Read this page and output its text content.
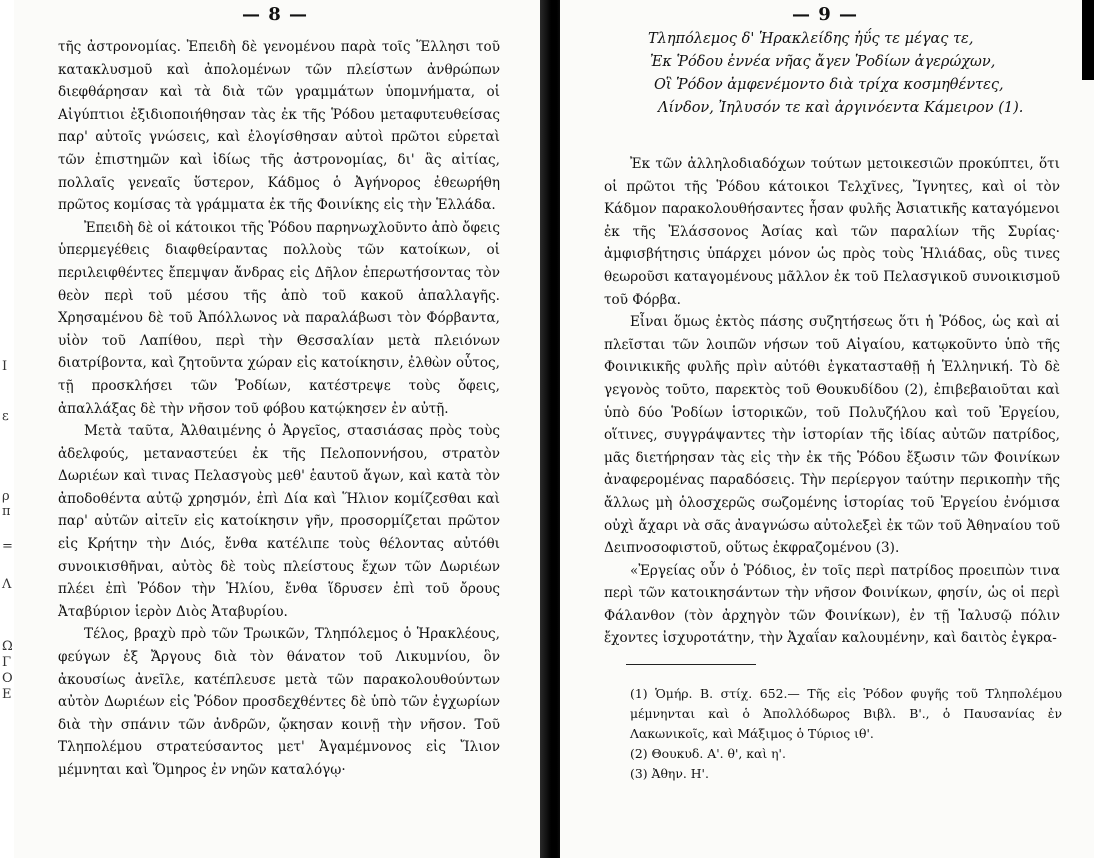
I
ε
ρ
π
=
Λ
Ω
Γ
Ο
Ε
— 8 —

τῆς ἀστρονομίας. Ἐπειδὴ δὲ γενομένου παρὰ τοῖς Ἕλλησι τοῦ κατακλυσμοῦ καὶ ἀπολομένων τῶν πλείστων ἀνθρώπων διεφθάρησαν καὶ τὰ διὰ τῶν γραμμάτων ὑπομνήματα, οἱ Αἰγύπτιοι ἐξιδιοποιήθησαν τὰς ἐκ τῆς Ῥόδου μεταφυτευθείσας παρ' αὐτοῖς γνώσεις, καὶ ἐλογίσθησαν αὐτοὶ πρῶτοι εὑρεταὶ τῶν ἐπιστημῶν καὶ ἰδίως τῆς ἀστρονομίας, δι' ἃς αἰτίας, πολλαῖς γενεαῖς ὕστερον, Κάδμος ὁ Ἀγήνορος ἐθεωρήθη πρῶτος κομίσας τὰ γράμματα ἐκ τῆς Φοινίκης εἰς τὴν Ἑλλάδα.

Ἐπειδὴ δὲ οἱ κάτοικοι τῆς Ῥόδου παρηνωχλοῦντο ἀπὸ ὄφεις ὑπερμεγέθεις διαφθείραντας πολλοὺς τῶν κατοίκων, οἱ περιλειφθέντες ἔπεμψαν ἄνδρας εἰς Δῆλον ἐπερωτήσοντας τὸν θεὸν περὶ τοῦ μέσου τῆς ἀπὸ τοῦ κακοῦ ἀπαλλαγῆς. Χρησαμένου δὲ τοῦ Ἀπόλλωνος νὰ παραλάβωσι τὸν Φόρβαντα, υἱὸν τοῦ Λαπίθου, περὶ τὴν Θεσσαλίαν μετὰ πλειόνων διατρίβοντα, καὶ ζητοῦντα χώραν εἰς κατοίκησιν, ἐλθὼν οὗτος, τῇ προσκλήσει τῶν Ῥοδίων, κατέστρεψε τοὺς ὄφεις, ἀπαλλάξας δὲ τὴν νῆσον τοῦ φόβου κατῴκησεν ἐν αὐτῇ.

Μετὰ ταῦτα, Ἀλθαιμένης ὁ Ἀργεῖος, στασιάσας πρὸς τοὺς ἀδελφούς, μεταναστεύει ἐκ τῆς Πελοποννήσου, στρατὸν Δωριέων καὶ τινας Πελασγοὺς μεθ' ἑαυτοῦ ἄγων, καὶ κατὰ τὸν ἀποδοθέντα αὐτῷ χρησμόν, ἐπὶ Δία καὶ Ἥλιον κομίζεσθαι καὶ παρ' αὐτῶν αἰτεῖν εἰς κατοίκησιν γῆν, προσορμίζεται πρῶτον εἰς Κρήτην τὴν Διός, ἔνθα κατέλιπε τοὺς θέλοντας αὐτόθι συνοικισθῆναι, αὐτὸς δὲ τοὺς πλείστους ἔχων τῶν Δωριέων πλέει ἐπὶ Ῥόδον τὴν Ἡλίου, ἔνθα ἵδρυσεν ἐπὶ τοῦ ὄρους Ἀταβύριον ἱερὸν Διὸς Ἀταβυρίου.

Τέλος, βραχὺ πρὸ τῶν Τρωικῶν, Τληπόλεμος ὁ Ἡρακλέους, φεύγων ἐξ Ἄργους διὰ τὸν θάνατον τοῦ Λικυμνίου, ὃν ἀκουσίως ἀνεῖλε, κατέπλευσε μετὰ τῶν παρακολουθούντων αὐτὸν Δωριέων εἰς Ῥόδον προσδεχθέντες δὲ ὑπὸ τῶν ἐγχωρίων διὰ τὴν σπάνιν τῶν ἀνδρῶν, ᾤκησαν κοινῇ τὴν νῆσον. Τοῦ Τληπολέμου στρατεύσαντος μετ' Ἀγαμέμνονος εἰς Ἴλιον μέμνηται καὶ Ὅμηρος ἐν νηῶν καταλόγῳ·

— 9 —
Τληπόλεμος δ' Ἡρακλείδης ἠΰς τε μέγας τε,
Ἐκ Ῥόδου ἐννέα νῆας ἄγεν Ῥοδίων ἀγερώχων,
Οἳ Ῥόδον ἀμφενέμοντο διὰ τρίχα κοσμηθέντες,
Λίνδον, Ἰηλυσόν τε καὶ ἀργινόεντα Κάμειρον (1).

Ἐκ τῶν ἀλληλοδιαδόχων τούτων μετοικεσιῶν προκύπτει, ὅτι οἱ πρῶτοι τῆς Ῥόδου κάτοικοι Τελχῖνες, Ἴγνητες, καὶ οἱ τὸν Κάδμον παρακολουθήσαντες ἦσαν φυλῆς Ἀσιατικῆς καταγόμενοι ἐκ τῆς Ἐλάσσονος Ἀσίας καὶ τῶν παραλίων τῆς Συρίας· ἀμφισβήτησις ὑπάρχει μόνον ὡς πρὸς τοὺς Ἡλιάδας, οὓς τινες θεωροῦσι καταγομένους μᾶλλον ἐκ τοῦ Πελασγικοῦ συνοικισμοῦ τοῦ Φόρβα.

Εἶναι ὅμως ἐκτὸς πάσης συζητήσεως ὅτι ἡ Ῥόδος, ὡς καὶ αἱ πλεῖσται τῶν λοιπῶν νήσων τοῦ Αἰγαίου, κατῳκοῦντο ὑπὸ τῆς Φοινικικῆς φυλῆς πρὶν αὐτόθι ἐγκατασταθῇ ἡ Ἑλληνική. Τὸ δὲ γεγονὸς τοῦτο, παρεκτὸς τοῦ Θουκυδίδου (2), ἐπιβεβαιοῦται καὶ ὑπὸ δύο Ῥοδίων ἱστορικῶν, τοῦ Πολυζήλου καὶ τοῦ Ἐργείου, οἵτινες, συγγράψαντες τὴν ἱστορίαν τῆς ἰδίας αὐτῶν πατρίδος, μᾶς διετήρησαν τὰς εἰς τὴν ἐκ τῆς Ῥόδου ἔξωσιν τῶν Φοινίκων ἀναφερομένας παραδόσεις. Τὴν περίεργον ταύτην περικοπὴν τῆς ἄλλως μὴ ὁλοσχερῶς σωζομένης ἱστορίας τοῦ Ἐργείου ἐνόμισα οὐχὶ ἄχαρι νὰ σᾶς ἀναγνώσω αὐτολεξεὶ ἐκ τῶν τοῦ Ἀθηναίου τοῦ Δειπνοσοφιστοῦ, οὕτως ἐκφραζομένου (3).

«Ἐργείας οὖν ὁ Ῥόδιος, ἐν τοῖς περὶ πατρίδος προειπὼν τινα περὶ τῶν κατοικησάντων τὴν νῆσον Φοινίκων, φησίν, ὡς οἱ περὶ Φάλανθον (τὸν ἀρχηγὸν τῶν Φοινίκων), ἐν τῇ Ἰαλυσῷ πόλιν ἔχοντες ἰσχυροτάτην, τὴν Ἀχαΐαν καλουμένην, καὶ δαιτὸς ἐγκρα-

(1) Ὁμήρ. Β. στίχ. 652.— Τῆς εἰς Ῥόδον φυγῆς τοῦ Τληπολέμου μέμνηνται καὶ ὁ Ἀπολλόδωρος Βιβλ. Β'., ὁ Παυσανίας ἐν Λακωνικοῖς, καὶ Μάξιμος ὁ Τύριος ιθ'.

(2) Θουκυδ. Α'. θ', καὶ η'.

(3) Ἀθην. Η'.
